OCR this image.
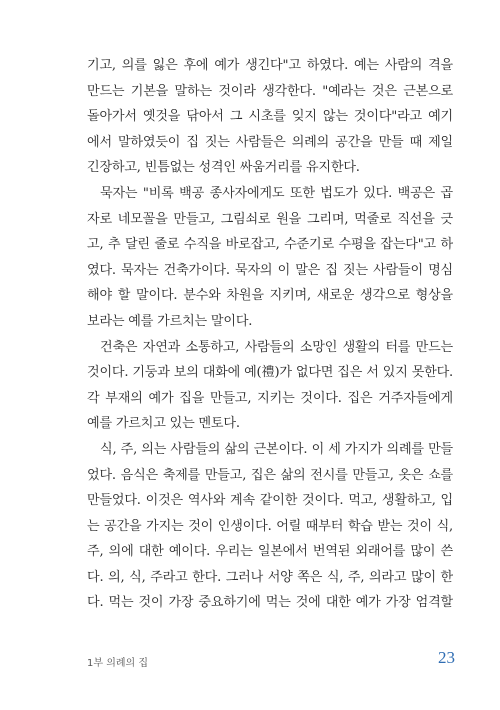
기고, 의를 잃은 후에 예가 생긴다"고 하였다. 예는 사람의 격을
만드는 기본을 말하는 것이라 생각한다. "예라는 것은 근본으로
돌아가서 옛것을 닦아서 그 시초를 잊지 않는 것이다"라고 예기
에서 말하였듯이 집 짓는 사람들은 의례의 공간을 만들 때 제일
긴장하고, 빈틈없는 성격인 싸움거리를 유지한다.
묵자는 "비록 백공 종사자에게도 또한 법도가 있다. 백공은 곱
자로 네모꼴을 만들고, 그림쇠로 원을 그리며, 먹줄로 직선을 긋
고, 추 달린 줄로 수직을 바로잡고, 수준기로 수평을 잡는다"고 하
였다. 묵자는 건축가이다. 묵자의 이 말은 집 짓는 사람들이 명심
해야 할 말이다. 분수와 차원을 지키며, 새로운 생각으로 형상을
보라는 예를 가르치는 말이다.
건축은 자연과 소통하고, 사람들의 소망인 생활의 터를 만드는
것이다. 기둥과 보의 대화에 예(禮)가 없다면 집은 서 있지 못한다.
각 부재의 예가 집을 만들고, 지키는 것이다. 집은 거주자들에게
예를 가르치고 있는 멘토다.
식, 주, 의는 사람들의 삶의 근본이다. 이 세 가지가 의례를 만들
었다. 음식은 축제를 만들고, 집은 삶의 전시를 만들고, 옷은 쇼를
만들었다. 이것은 역사와 계속 같이한 것이다. 먹고, 생활하고, 입
는 공간을 가지는 것이 인생이다. 어릴 때부터 학습 받는 것이 식,
주, 의에 대한 예이다. 우리는 일본에서 번역된 외래어를 많이 쓴
다. 의, 식, 주라고 한다. 그러나 서양 쪽은 식, 주, 의라고 많이 한
다. 먹는 것이 가장 중요하기에 먹는 것에 대한 예가 가장 엄격할
1부 의례의 집	23
